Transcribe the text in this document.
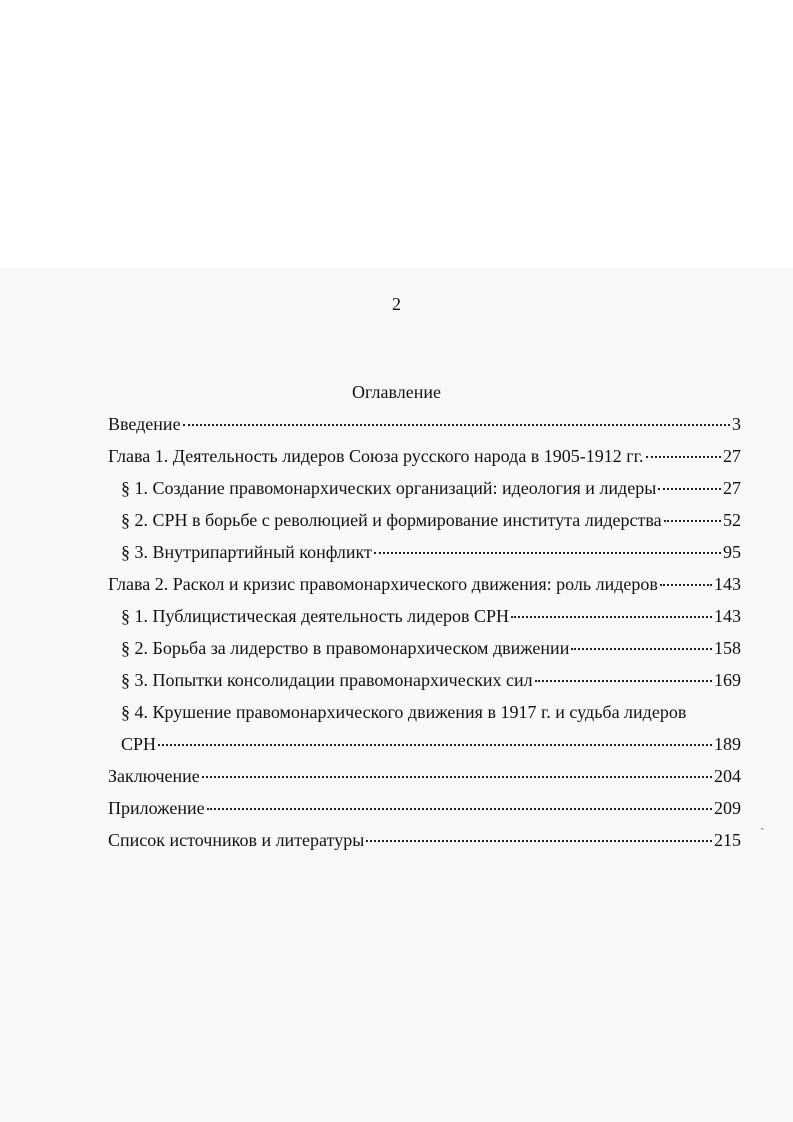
2
Оглавление
Введение	3
Глава 1. Деятельность лидеров Союза русского народа в 1905-1912 гг.	27
§ 1. Создание правомонархических организаций: идеология и лидеры	27
§ 2. СРН в борьбе с революцией и формирование института лидерства	52
§ 3. Внутрипартийный конфликт	95
Глава 2. Раскол и кризис правомонархического движения: роль лидеров	143
§ 1. Публицистическая деятельность лидеров СРН	143
§ 2. Борьба за лидерство в правомонархическом движении	158
§ 3. Попытки консолидации правомонархических сил	169
§ 4. Крушение правомонархического движения в 1917 г. и судьба лидеров
СРН	189
Заключение	204
Приложение	209
Список источников и литературы	215
ˏ
